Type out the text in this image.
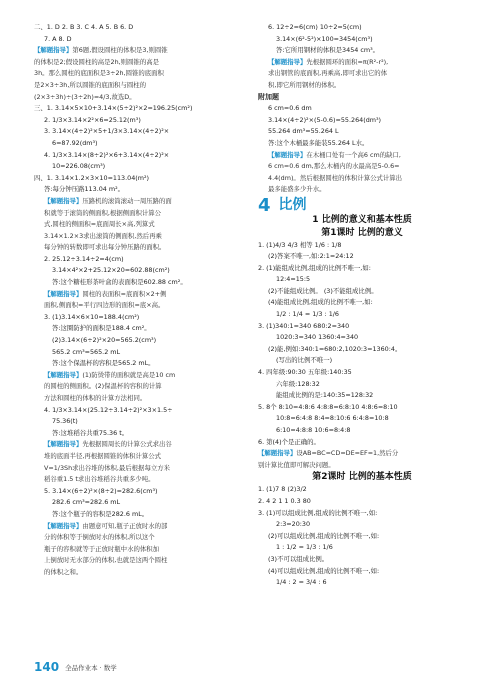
二、1. D 2. B 3. C 4. A 5. B 6. D
7. A 8. D
【解题指导】第6题,假设圆柱的体积是3,则圆锥
的体积是2;假设圆柱的高是2h,则圆锥的高是
3h。那么圆柱的底面积是3÷2h,圆锥的底面积
是2×3÷3h,所以圆锥的底面积与圆柱的
(2×3÷3h)÷(3÷2h)=4/3,故选D。
三、1. 3.14×5×10+3.14×(5÷2)²×2=196.25(cm²)
2. 1/3×3.14×2²×6=25.12(m³)
3. 3.14×(4÷2)²×5+1/3×3.14×(4÷2)²×
6=87.92(dm³)
4. 1/3×3.14×(8÷2)²×6+3.14×(4÷2)²×
10=226.08(cm³)
四、1. 3.14×1.2×3×10=113.04(m²)
答:每分钟压路113.04 m²。
【解题指导】压路机的滚筒滚动一周压路的面
积就等于滚筒的侧面积,根据侧面积计算公
式,圆柱的侧面积=底面周长×高,列算式
3.14×1.2×3求出滚筒的侧面积,然后再乘
每分钟的转数即可求出每分钟压路的面积。
2. 25.12÷3.14÷2=4(cm)
3.14×4²×2+25.12×20=602.88(cm²)
答:这个糖桂形茶叶盒的表面积是602.88 cm²。
【解题指导】圆柱的表面积=底面积×2+侧
面积,侧面积=平行四边形的面积=底×高。
3. (1)3.14×6×10=188.4(cm²)
答:这圈防护的面积是188.4 cm²。
(2)3.14×(6÷2)²×20=565.2(cm³)
565.2 cm³=565.2 mL
答:这个保温杯的容积是565.2 mL。
【解题指导】(1)防烫带的面积就是高是10 cm
的圆柱的侧面积。(2)保温杯的容积的计算
方法和圆柱的体积的计算方法相同。
4. 1/3×3.14×(25.12÷3.14÷2)²×3×1.5÷
75.36(t)
答:这堆稻谷共重75.36 t。
【解题指导】先根据圆周长的计算公式求出谷
堆的底面半径,再根据圆锥的体积计算公式
V=1/3Sh求出谷堆的体积,最后根据每立方米
稻谷重1.5 t求出谷堆稻谷共重多少吨。
5. 3.14×(6÷2)²×(8÷2)=282.6(cm³)
282.6 cm³=282.6 mL
答:这个瓶子的容积是282.6 mL。
【解题指导】由题意可知,瓶子正放时水的部
分的体积等于倒放时水的体积,所以这个
瓶子的容积就等于正放时瓶中水的体积加
上倒放时无水部分的体积,也就是这两个圆柱
的体积之和。
6. 12÷2=6(cm) 10÷2=5(cm)
3.14×(6²-5²)×100=3454(cm³)
答:它所用钢材的体积是3454 cm³。
【解题指导】先根据圆环的面积=π(R²-r²),
求出钢管的底面积,再乘高,即可求出它的体
积,即它所用钢材的体积。
附加题
6 cm=0.6 dm
3.14×(4÷2)²×(5-0.6)=55.264(dm³)
55.264 dm³=55.264 L
答:这个木桶最多能装55.264 L水。
【解题指导】在木桶口处有一个高6 cm的缺口,
6 cm=0.6 dm,那么木桶内的水最高是5-0.6=
4.4(dm)。然后根据圆柱的体积计算公式计算出
最多能盛多少升水。
4 比例
1 比例的意义和基本性质
第1课时 比例的意义
1. (1)4/3 4/3 相等 1/6 : 1/8
(2)答案不唯一,如:2:1=24:12
2. (1)能组成比例,组成的比例不唯一,如:
12:4=15:5
(2)不能组成比例。 (3)不能组成比例。
(4)能组成比例,组成的比例不唯一,如:
1/2 : 1/4 = 1/3 : 1/6
3. (1)340:1=340 680:2=340
1020:3=340 1360:4=340
(2)能,例如:340:1=680:2,1020:3=1360:4。
(写出的比例不唯一)
4. 四年级:90:30 五年级:140:35
六年级:128:32
能组成比例的是:140:35=128:32
5. 8个 8:10=4:8:6 4:8:8=6:8:10 4:8:6=8:10
10:8=6:4:8 8:4=8:10:6 6:4:8=10:8
6:10=4:8:8 10:6=8:4:8
6. 第(4)个是正确的。
【解题指导】设AB=BC=CD=DE=EF=1,然后分
别计算比值即可解决问题。
第2课时 比例的基本性质
1. (1)7 8 (2)3/2
2. 4 2 1 1 0.3 80
3. (1)可以组成比例,组成的比例不唯一,如:
2:3=20:30
(2)可以组成比例,组成的比例不唯一,如:
1 : 1/2 = 1/3 : 1/6
(3)不可以组成比例。
(4)可以组成比例,组成的比例不唯一,如:
1/4 : 2 = 3/4 : 6
140 全品作业本 · 数学
